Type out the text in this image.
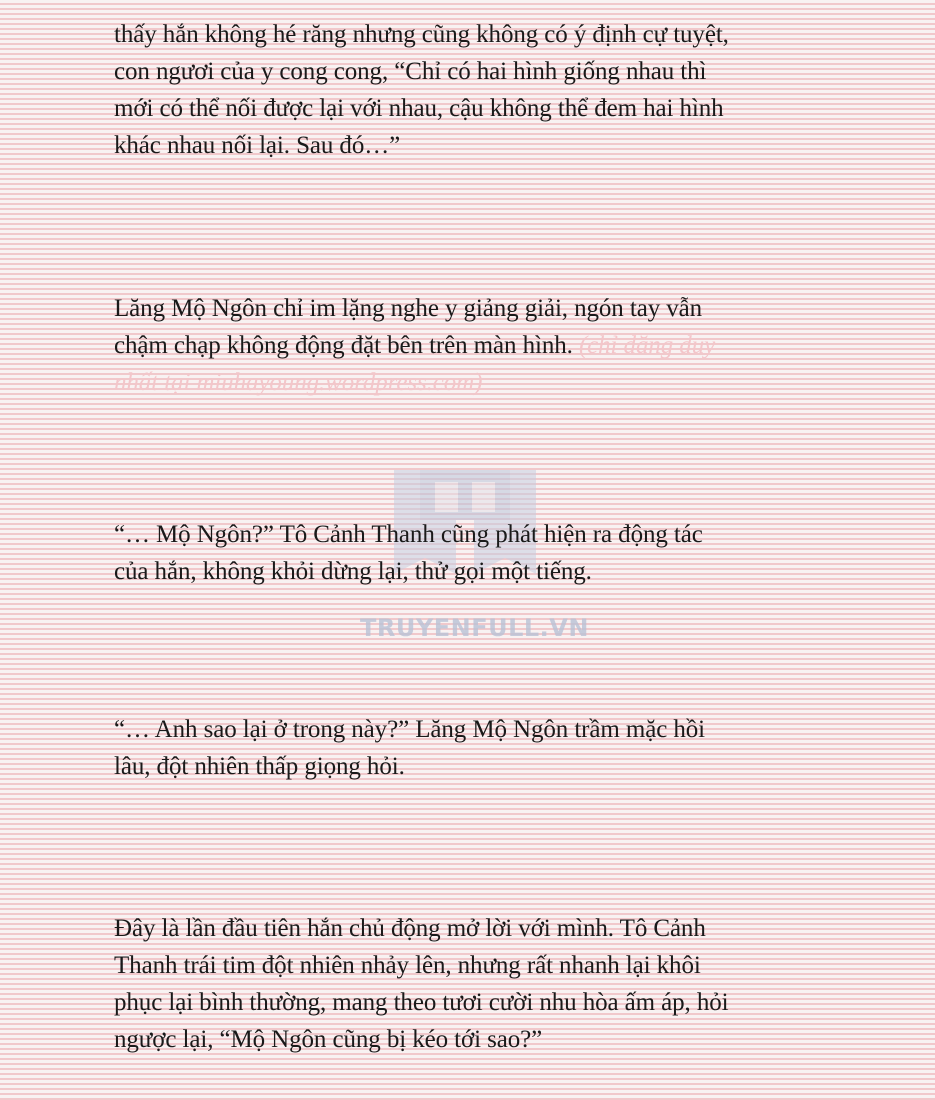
TRUYENFULL.VN

thấy hắn không hé răng nhưng cũng không có ý định cự tuyệt,
con ngươi của y cong cong, “Chỉ có hai hình giống nhau thì
mới có thể nối được lại với nhau, cậu không thể đem hai hình
khác nhau nối lại. Sau đó…”

Lăng Mộ Ngôn chỉ im lặng nghe y giảng giải, ngón tay vẫn
chậm chạp không động đặt bên trên màn hình. (chỉ đăng duy
nhất tại miuhayoung.wordpress.com)

“… Mộ Ngôn?” Tô Cảnh Thanh cũng phát hiện ra động tác
của hắn, không khỏi dừng lại, thử gọi một tiếng.

“… Anh sao lại ở trong này?” Lăng Mộ Ngôn trầm mặc hồi
lâu, đột nhiên thấp giọng hỏi.

Đây là lần đầu tiên hắn chủ động mở lời với mình. Tô Cảnh
Thanh trái tim đột nhiên nhảy lên, nhưng rất nhanh lại khôi
phục lại bình thường, mang theo tươi cười nhu hòa ấm áp, hỏi
ngược lại, “Mộ Ngôn cũng bị kéo tới sao?”
